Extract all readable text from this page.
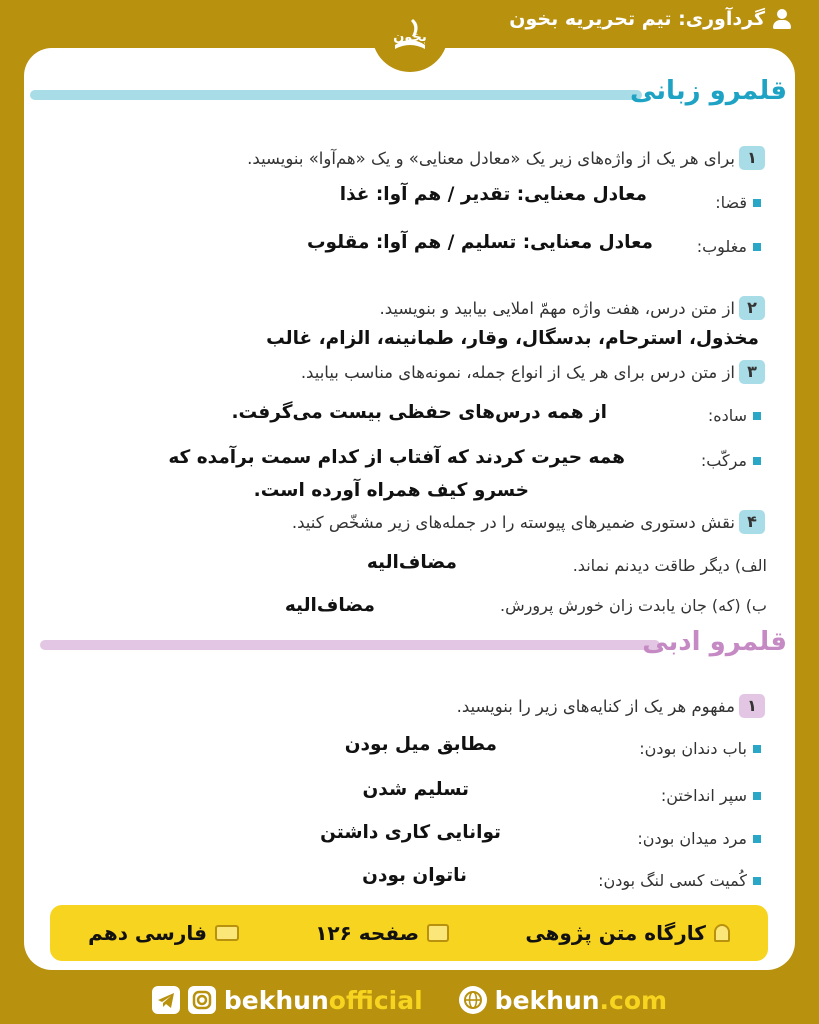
گردآوری: تیم تحریریه بخون
بخون
قلمرو زبانی
۱
برای هر یک از واژه‌های زیر یک «معادل معنایی» و یک «هم‌آوا» بنویسید.
قضا:
معادل معنایی: تقدیر / هم آوا: غذا
مغلوب:
معادل معنایی: تسلیم / هم آوا: مقلوب
۲
از متن درس، هفت واژه مهمّ املایی بیابید و بنویسید.
مخذول، استرحام، بدسگال، وقار، طمانینه، الزام، غالب
۳
از متن درس برای هر یک از انواع جمله، نمونه‌های مناسب بیابید.
ساده:
از همه درس‌های حفظی بیست می‌گرفت.
مرکّب:
همه حیرت کردند که آفتاب از کدام سمت برآمده که
خسرو کیف همراه آورده است.
۴
نقش دستوری ضمیرهای پیوسته را در جمله‌های زیر مشخّص کنید.
الف) دیگر طاقت دیدنم نماند.
مضاف‌الیه
ب) (که) جان یابدت زان خورش پرورش.
مضاف‌الیه
قلمرو ادبی
۱
مفهوم هر یک از کنایه‌های زیر را بنویسید.
باب دندان بودن:
مطابق میل بودن
سپر انداختن:
تسلیم شدن
مرد میدان بودن:
توانایی کاری داشتن
کُمیت کسی لنگ بودن:
ناتوان بودن
کارگاه متن پژوهی
صفحه ۱۲۶
فارسی دهم
bekhunofficial	bekhun.com
